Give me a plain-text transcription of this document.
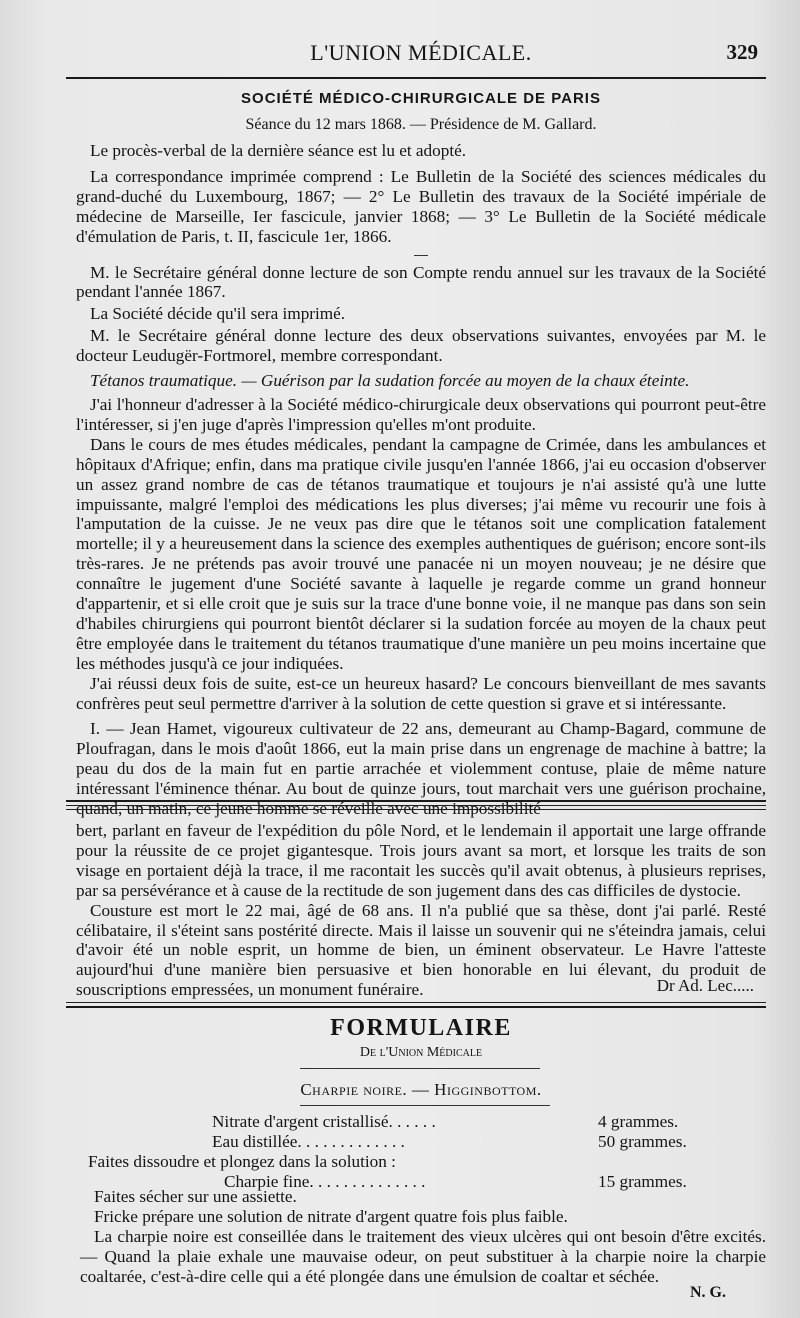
L'UNION MÉDICALE.	329
SOCIÉTÉ MÉDICO-CHIRURGICALE DE PARIS
Séance du 12 mars 1868. — Présidence de M. Gallard.

Le procès-verbal de la dernière séance est lu et adopté.

La correspondance imprimée comprend : Le Bulletin de la Société des sciences médicales du grand-duché du Luxembourg, 1867; — 2° Le Bulletin des travaux de la Société impériale de médecine de Marseille, Ier fascicule, janvier 1868; — 3° Le Bulletin de la Société médicale d'émulation de Paris, t. II, fascicule 1er, 1866.

M. le Secrétaire général donne lecture de son Compte rendu annuel sur les travaux de la Société pendant l'année 1867.

La Société décide qu'il sera imprimé.

M. le Secrétaire général donne lecture des deux observations suivantes, envoyées par M. le docteur Leudugër-Fortmorel, membre correspondant.

Tétanos traumatique. — Guérison par la sudation forcée au moyen de la chaux éteinte.

J'ai l'honneur d'adresser à la Société médico-chirurgicale deux observations qui pourront peut-être l'intéresser, si j'en juge d'après l'impression qu'elles m'ont produite.

Dans le cours de mes études médicales, pendant la campagne de Crimée, dans les ambulances et hôpitaux d'Afrique; enfin, dans ma pratique civile jusqu'en l'année 1866, j'ai eu occasion d'observer un assez grand nombre de cas de tétanos traumatique et toujours je n'ai assisté qu'à une lutte impuissante, malgré l'emploi des médications les plus diverses; j'ai même vu recourir une fois à l'amputation de la cuisse. Je ne veux pas dire que le tétanos soit une complication fatalement mortelle; il y a heureusement dans la science des exemples authentiques de guérison; encore sont-ils très-rares. Je ne prétends pas avoir trouvé une panacée ni un moyen nouveau; je ne désire que connaître le jugement d'une Société savante à laquelle je regarde comme un grand honneur d'appartenir, et si elle croit que je suis sur la trace d'une bonne voie, il ne manque pas dans son sein d'habiles chirurgiens qui pourront bientôt déclarer si la sudation forcée au moyen de la chaux peut être employée dans le traitement du tétanos traumatique d'une manière un peu moins incertaine que les méthodes jusqu'à ce jour indiquées.

J'ai réussi deux fois de suite, est-ce un heureux hasard? Le concours bienveillant de mes savants confrères peut seul permettre d'arriver à la solution de cette question si grave et si intéressante.

I. — Jean Hamet, vigoureux cultivateur de 22 ans, demeurant au Champ-Bagard, commune de Ploufragan, dans le mois d'août 1866, eut la main prise dans un engrenage de machine à battre; la peau du dos de la main fut en partie arrachée et violemment contuse, plaie de même nature intéressant l'éminence thénar. Au bout de quinze jours, tout marchait vers une guérison prochaine, quand, un matin, ce jeune homme se réveille avec une impossibilité

bert, parlant en faveur de l'expédition du pôle Nord, et le lendemain il apportait une large offrande pour la réussite de ce projet gigantesque. Trois jours avant sa mort, et lorsque les traits de son visage en portaient déjà la trace, il me racontait les succès qu'il avait obtenus, à plusieurs reprises, par sa persévérance et à cause de la rectitude de son jugement dans des cas difficiles de dystocie.

Cousture est mort le 22 mai, âgé de 68 ans. Il n'a publié que sa thèse, dont j'ai parlé. Resté célibataire, il s'éteint sans postérité directe. Mais il laisse un souvenir qui ne s'éteindra jamais, celui d'avoir été un noble esprit, un homme de bien, un éminent observateur. Le Havre l'atteste aujourd'hui d'une manière bien persuasive et bien honorable en lui élevant, du produit de souscriptions empressées, un monument funéraire.	Dr Ad. Lec.....
FORMULAIRE
De l'Union Médicale
Charpie noire. — Higginbottom.
Nitrate d'argent cristallisé. . . . . .	4 grammes.
Eau distillée. . . . . . . . . . . . .	50 grammes.

Faites dissoudre et plongez dans la solution :

Charpie fine. . . . . . . . . . . . . .	15 grammes.

Faites sécher sur une assiette.

Fricke prépare une solution de nitrate d'argent quatre fois plus faible.

La charpie noire est conseillée dans le traitement des vieux ulcères qui ont besoin d'être excités. — Quand la plaie exhale une mauvaise odeur, on peut substituer à la charpie noire la charpie coaltarée, c'est-à-dire celle qui a été plongée dans une émulsion de coaltar et séchée.

N. G.
